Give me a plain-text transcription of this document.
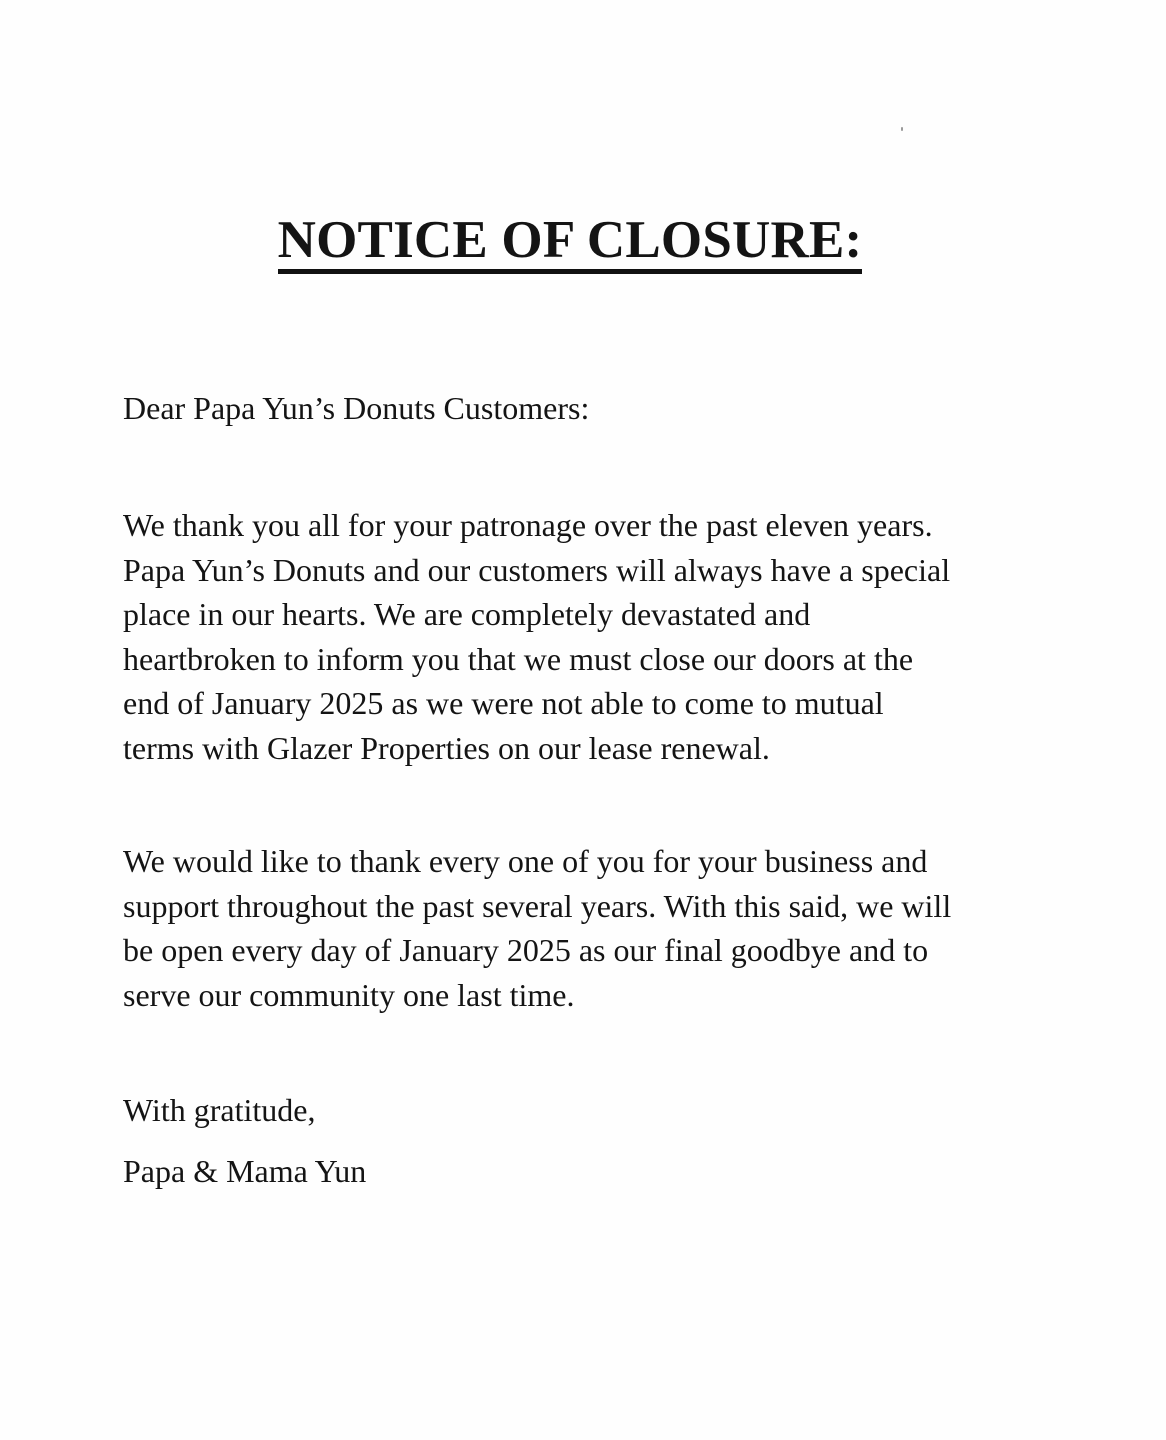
NOTICE OF CLOSURE:

Dear Papa Yun’s Donuts Customers:

We thank you all for your patronage over the past eleven years.
Papa Yun’s Donuts and our customers will always have a special
place in our hearts. We are completely devastated and
heartbroken to inform you that we must close our doors at the
end of January 2025 as we were not able to come to mutual
terms with Glazer Properties on our lease renewal.

We would like to thank every one of you for your business and
support throughout the past several years. With this said, we will
be open every day of January 2025 as our final goodbye and to
serve our community one last time.

With gratitude,

Papa & Mama Yun
